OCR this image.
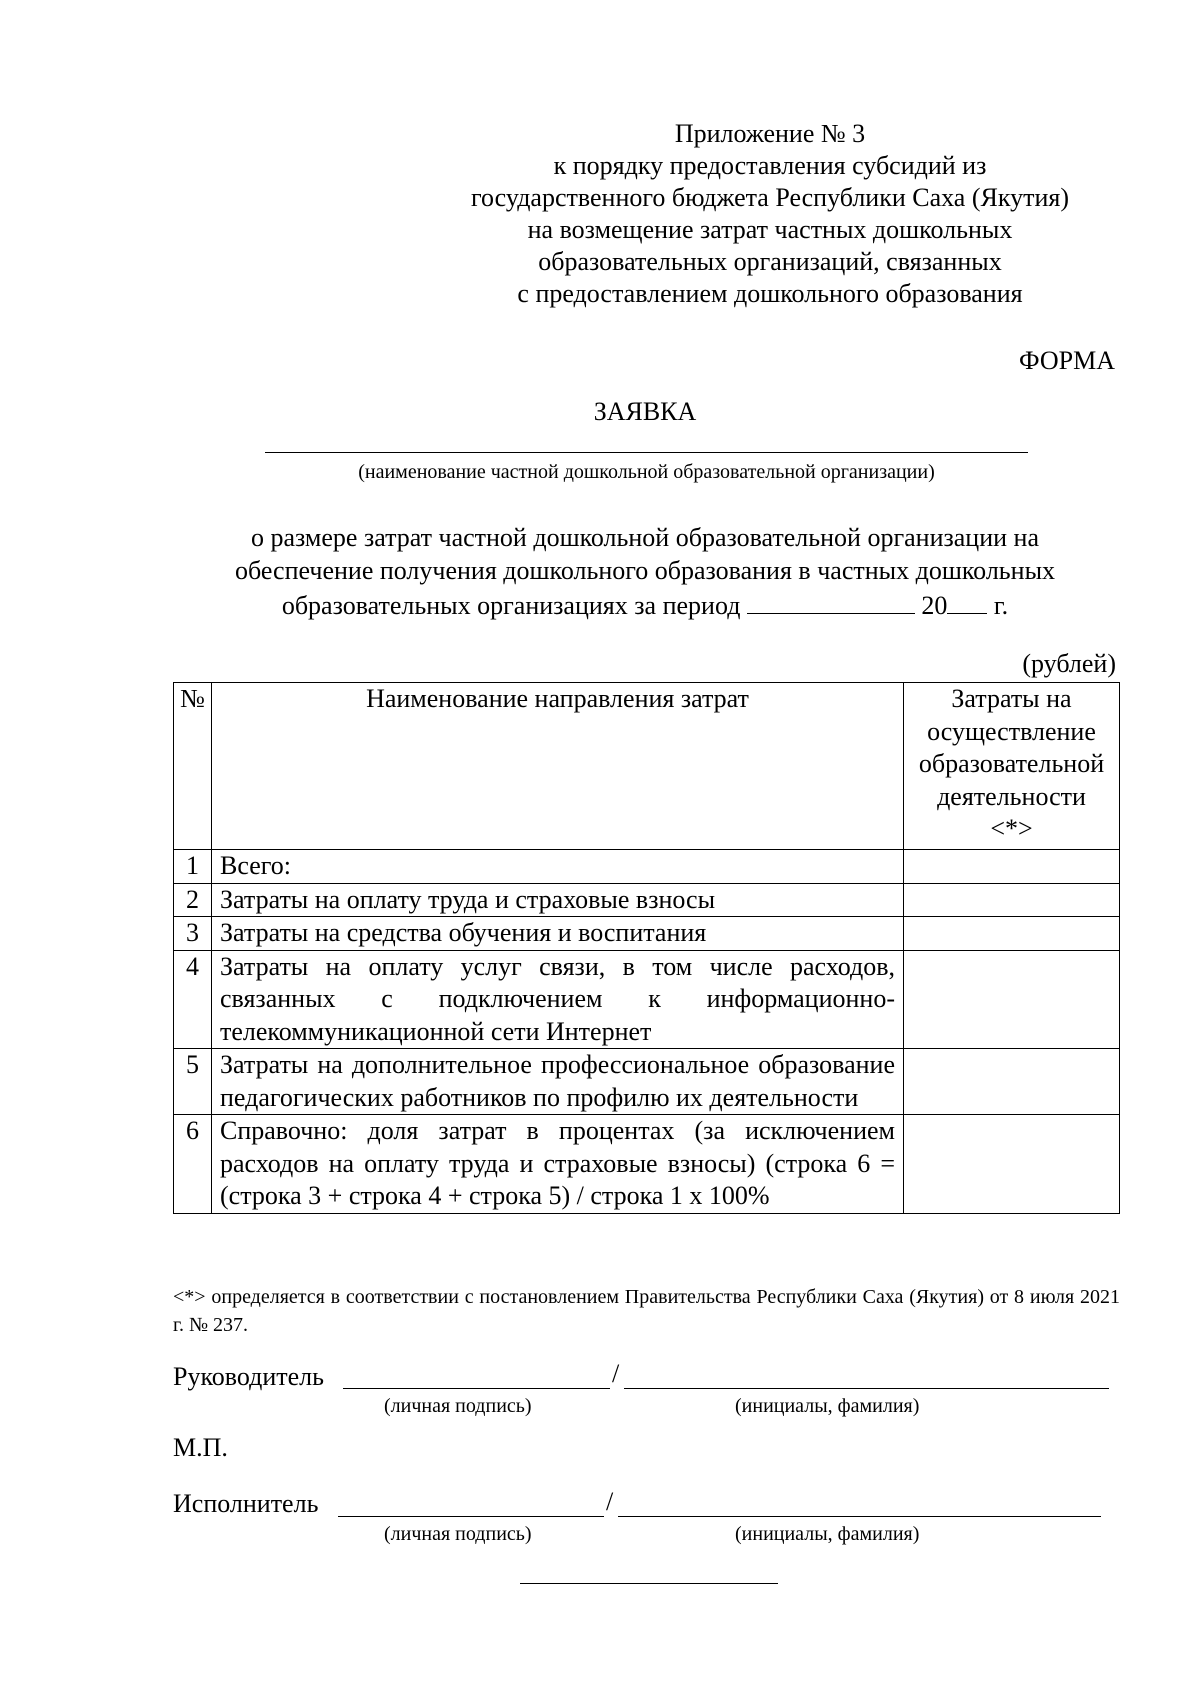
Приложение № 3
к порядку предоставления субсидий из
государственного бюджета Республики Саха (Якутия)
на возмещение затрат частных дошкольных
образовательных организаций, связанных
с предоставлением дошкольного образования
ФОРМА
ЗАЯВКА
(наименование частной дошкольной образовательной организации)
о размере затрат частной дошкольной образовательной организации на
обеспечение получения дошкольного образования в частных дошкольных
образовательных организациях за период	20 г.
(рублей)
№	Наименование направления затрат	Затраты на
осуществление
образовательной
деятельности
<*>

1	Всего:	
2	Затраты на оплату труда и страховые взносы	
3	Затраты на средства обучения и воспитания	
4	Затраты на оплату услуг связи, в том числе расходов, связанных с подключением к информационно-телекоммуникационной сети Интернет	
5	Затраты на дополнительное профессиональное образование педагогических работников по профилю их деятельности	
6	Справочно: доля затрат в процентах (за исключением расходов на оплату труда и страховые взносы) (строка 6 = (строка 3 + строка 4 + строка 5) / строка 1 x 100%	
<*> определяется в соответствии с постановлением Правительства Республики Саха (Якутия) от 8 июля 2021 г. № 237.
Руководитель	/
(личная подпись)	(инициалы, фамилия)
М.П.
Исполнитель	/
(личная подпись)	(инициалы, фамилия)
